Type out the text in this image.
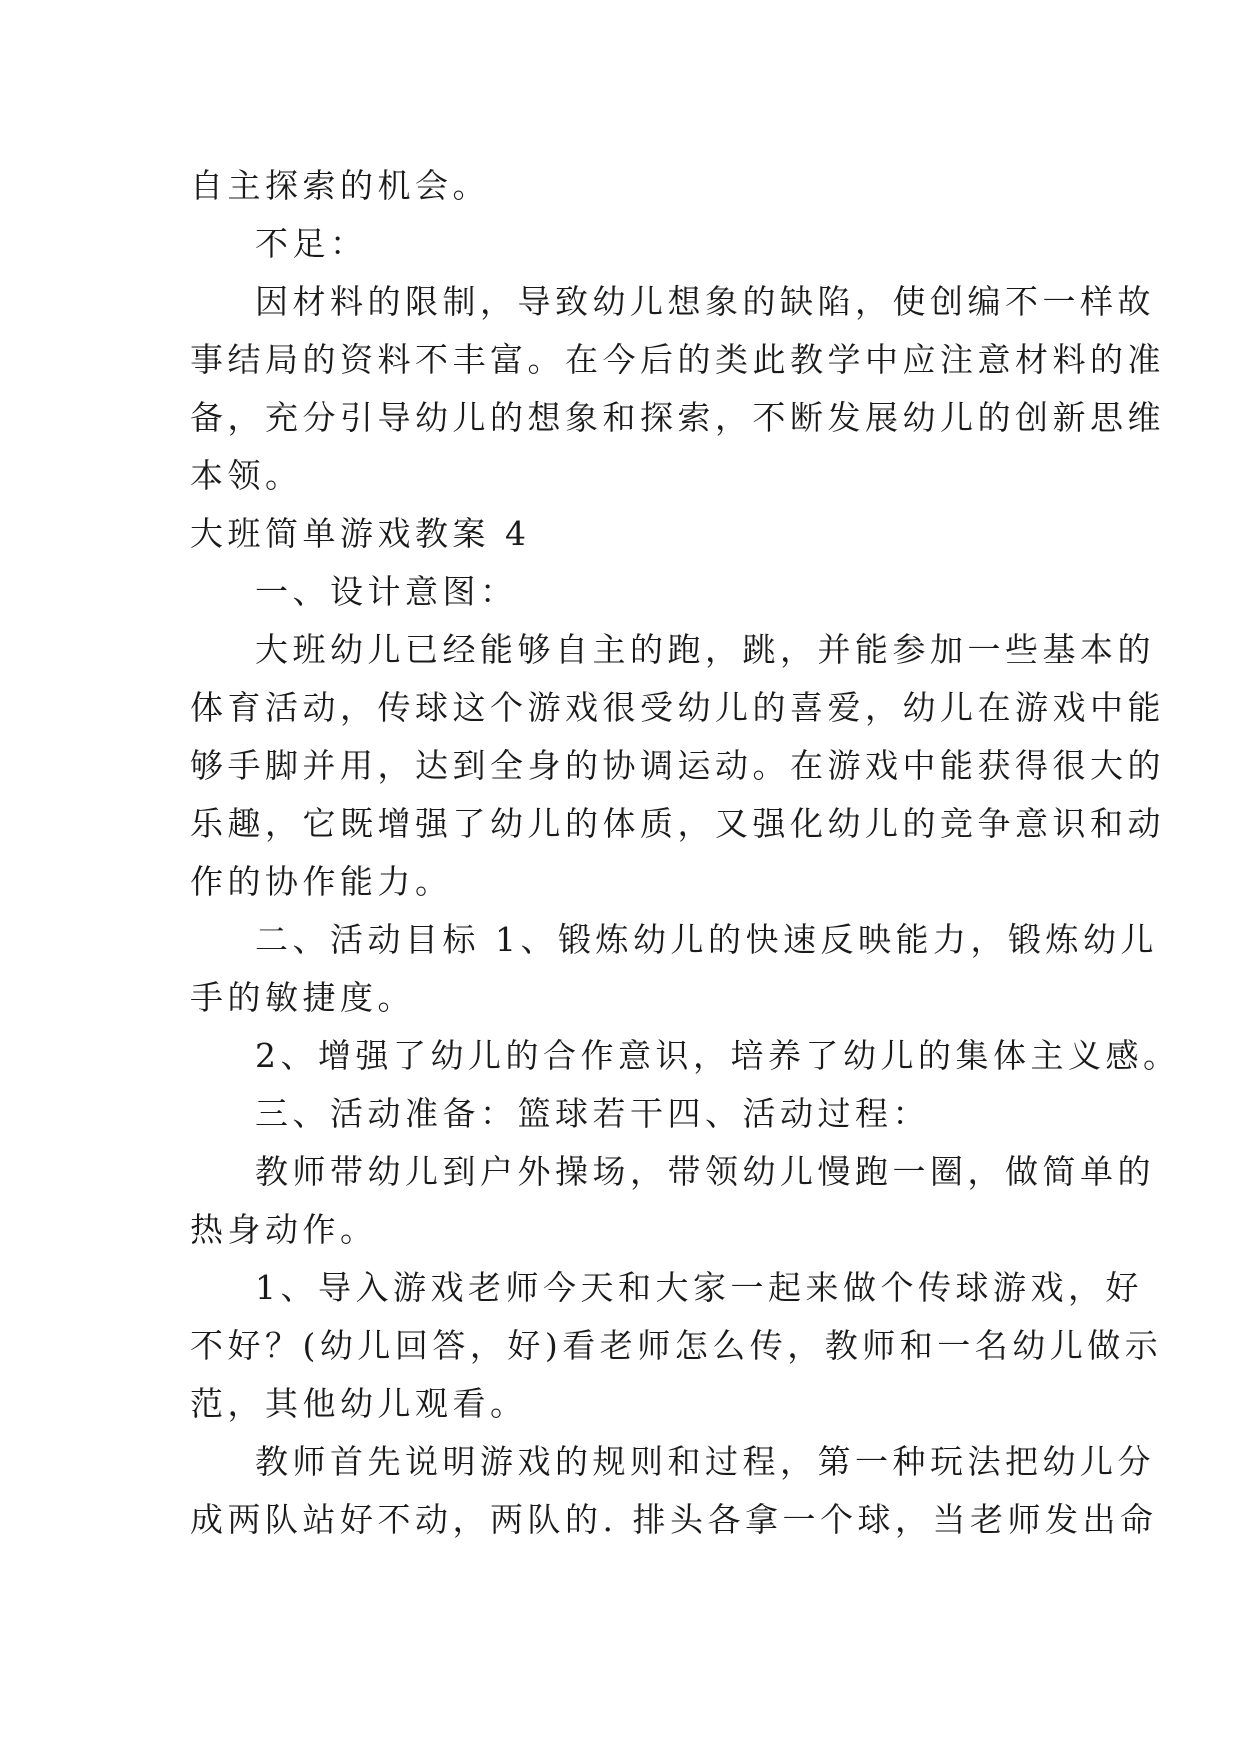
自主探索的机会。
不足：
因材料的限制，导致幼儿想象的缺陷，使创编不一样故
事结局的资料不丰富。在今后的类此教学中应注意材料的准
备，充分引导幼儿的想象和探索，不断发展幼儿的创新思维
本领。
大班简单游戏教案 4
一、设计意图：
大班幼儿已经能够自主的跑，跳，并能参加一些基本的
体育活动，传球这个游戏很受幼儿的喜爱，幼儿在游戏中能
够手脚并用，达到全身的协调运动。在游戏中能获得很大的
乐趣，它既增强了幼儿的体质，又强化幼儿的竞争意识和动
作的协作能力。
二、活动目标 1、锻炼幼儿的快速反映能力，锻炼幼儿
手的敏捷度。
2、增强了幼儿的合作意识，培养了幼儿的集体主义感。
三、活动准备：篮球若干四、活动过程：
教师带幼儿到户外操场，带领幼儿慢跑一圈，做简单的
热身动作。
1、导入游戏老师今天和大家一起来做个传球游戏，好
不好？(幼儿回答，好)看老师怎么传，教师和一名幼儿做示
范，其他幼儿观看。
教师首先说明游戏的规则和过程，第一种玩法把幼儿分
成两队站好不动，两队的. 排头各拿一个球，当老师发出命
